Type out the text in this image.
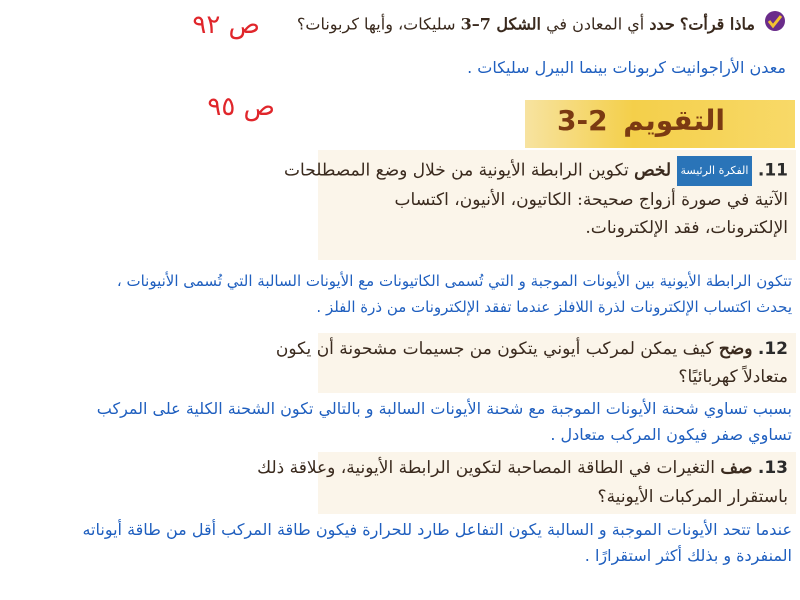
ص ٩٢	ماذا قرأت؟ حدد أي المعادن في الشكل 7–3 سليكات، وأيها كربونات؟
معدن الأراجوانيت كربونات بينما البيرل سليكات .
ص ٩٥	التقويم
3-2
11. الفكرة الرئيسة لخص تكوين الرابطة الأيونية من خلال وضع المصطلحات
الآتية في صورة أزواج صحيحة: الكاتيون، الأنيون، اكتساب
الإلكترونات، فقد الإلكترونات.
تتكون الرابطة الأيونية بين الأيونات الموجبة و التي تُسمى الكاتيونات مع الأيونات السالبة التي تُسمى الأنيونات ،
يحدث اكتساب الإلكترونات لذرة اللافلز عندما تفقد الإلكترونات من ذرة الفلز .
12. وضح كيف يمكن لمركب أيوني يتكون من جسيمات مشحونة أن يكون
متعادلاً كهربائيًا؟
بسبب تساوي شحنة الأيونات الموجبة مع شحنة الأيونات السالبة و بالتالي تكون الشحنة الكلية على المركب
تساوي صفر فيكون المركب متعادل .
13. صف التغيرات في الطاقة المصاحبة لتكوين الرابطة الأيونية، وعلاقة ذلك
باستقرار المركبات الأيونية؟
عندما تتحد الأيونات الموجبة و السالبة يكون التفاعل طارد للحرارة فيكون طاقة المركب أقل من طاقة أيوناته
المنفردة و بذلك أكثر استقرارًا .
